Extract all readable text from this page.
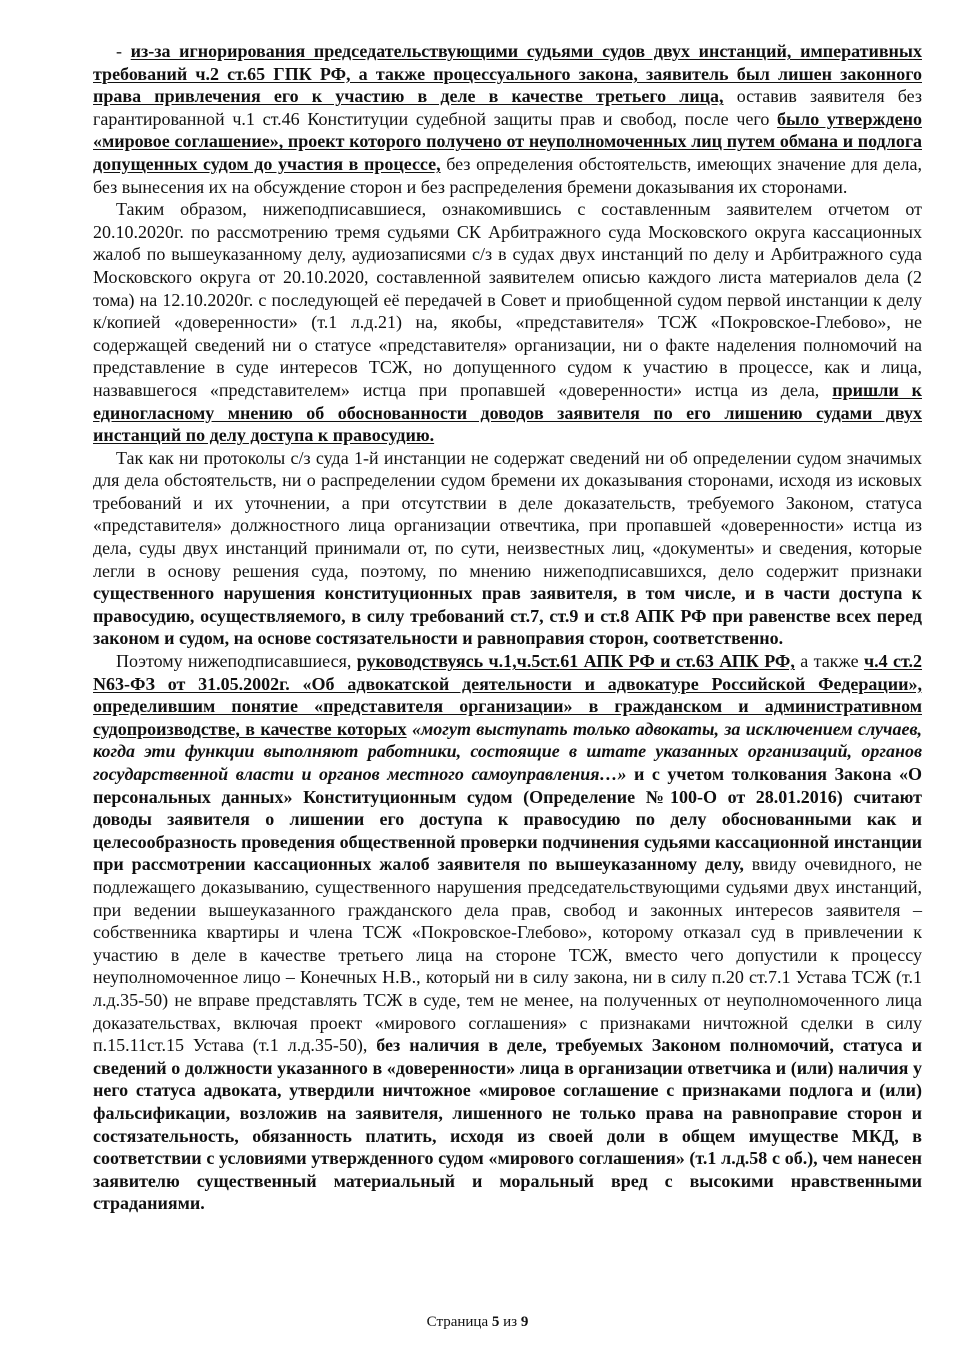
- из-за игнорирования председательствующими судьями судов двух инстанций, императивных требований ч.2 ст.65 ГПК РФ, а также процессуального закона, заявитель был лишен законного права привлечения его к участию в деле в качестве третьего лица, оставив заявителя без гарантированной ч.1 ст.46 Конституции судебной защиты прав и свобод, после чего было утверждено «мировое соглашение», проект которого получено от неуполномоченных лиц путем обмана и подлога допущенных судом до участия в процессе, без определения обстоятельств, имеющих значение для дела, без вынесения их на обсуждение сторон и без распределения бремени доказывания их сторонами.

Таким образом, нижеподписавшиеся, ознакомившись с составленным заявителем отчетом от 20.10.2020г. по рассмотрению тремя судьями СК Арбитражного суда Московского округа кассационных жалоб по вышеуказанному делу, аудиозаписями с/з в судах двух инстанций по делу и Арбитражного суда Московского округа от 20.10.2020, составленной заявителем описью каждого листа материалов дела (2 тома) на 12.10.2020г. с последующей её передачей в Совет и приобщенной судом первой инстанции к делу к/копией «доверенности» (т.1 л.д.21) на, якобы, «представителя» ТСЖ «Покровское-Глебово», не содержащей сведений ни о статусе «представителя» организации, ни о факте наделения полномочий на представление в суде интересов ТСЖ, но допущенного судом к участию в процессе, как и лица, назвавшегося «представителем» истца при пропавшей «доверенности» истца из дела, пришли к единогласному мнению об обоснованности доводов заявителя по его лишению судами двух инстанций по делу доступа к правосудию.

Так как ни протоколы с/з суда 1-й инстанции не содержат сведений ни об определении судом значимых для дела обстоятельств, ни о распределении судом бремени их доказывания сторонами, исходя из исковых требований и их уточнении, а при отсутствии в деле доказательств, требуемого Законом, статуса «представителя» должностного лица организации отвечтика, при пропавшей «доверенности» истца из дела, суды двух инстанций принимали от, по сути, неизвестных лиц, «документы» и сведения, которые легли в основу решения суда, поэтому, по мнению нижеподписавшихся, дело содержит признаки существенного нарушения конституционных прав заявителя, в том числе, и в части доступа к правосудию, осуществляемого, в силу требований ст.7, ст.9 и ст.8 АПК РФ при равенстве всех перед законом и судом, на основе состязательности и равноправия сторон, соответственно.

Поэтому нижеподписавшиеся, руководствуясь ч.1,ч.5ст.61 АПК РФ и ст.63 АПК РФ, а также ч.4 ст.2 N63-ФЗ от 31.05.2002г. «Об адвокатской деятельности и адвокатуре Российской Федерации», определившим понятие «представителя организации» в гражданском и административном судопроизводстве, в качестве которых «могут выступать только адвокаты, за исключением случаев, когда эти функции выполняют работники, состоящие в штате указанных организаций, органов государственной власти и органов местного самоуправления…» и с учетом толкования Закона «О персональных данных» Конституционным судом (Определение №100-О от 28.01.2016) считают доводы заявителя о лишении его доступа к правосудию по делу обоснованными как и целесообразность проведения общественной проверки подчинения судьями кассационной инстанции при рассмотрении кассационных жалоб заявителя по вышеуказанному делу, ввиду очевидного, не подлежащего доказыванию, существенного нарушения председательствующими судьями двух инстанций, при ведении вышеуказанного гражданского дела прав, свобод и законных интересов заявителя – собственника квартиры и члена ТСЖ «Покровское-Глебово», которому отказал суд в привлечении к участию в деле в качестве третьего лица на стороне ТСЖ, вместо чего допустили к процессу неуполномоченное лицо – Конечных Н.В., который ни в силу закона, ни в силу п.20 ст.7.1 Устава ТСЖ (т.1 л.д.35-50) не вправе представлять ТСЖ в суде, тем не менее, на полученных от неуполномоченного лица доказательствах, включая проект «мирового соглашения» с признаками ничтожной сделки в силу п.15.11ст.15 Устава (т.1 л.д.35-50), без наличия в деле, требуемых Законом полномочий, статуса и сведений о должности указанного в «доверенности» лица в организации ответчика и (или) наличия у него статуса адвоката, утвердили ничтожное «мировое соглашение с признаками подлога и (или) фальсификации, возложив на заявителя, лишенного не только права на равноправие сторон и состязательность, обязанность платить, исходя из своей доли в общем имуществе МКД, в соответствии с условиями утвержденного судом «мирового соглашения» (т.1 л.д.58 с об.), чем нанесен заявителю существенный материальный и моральный вред с высокими нравственными страданиями.

Страница 5 из 9
